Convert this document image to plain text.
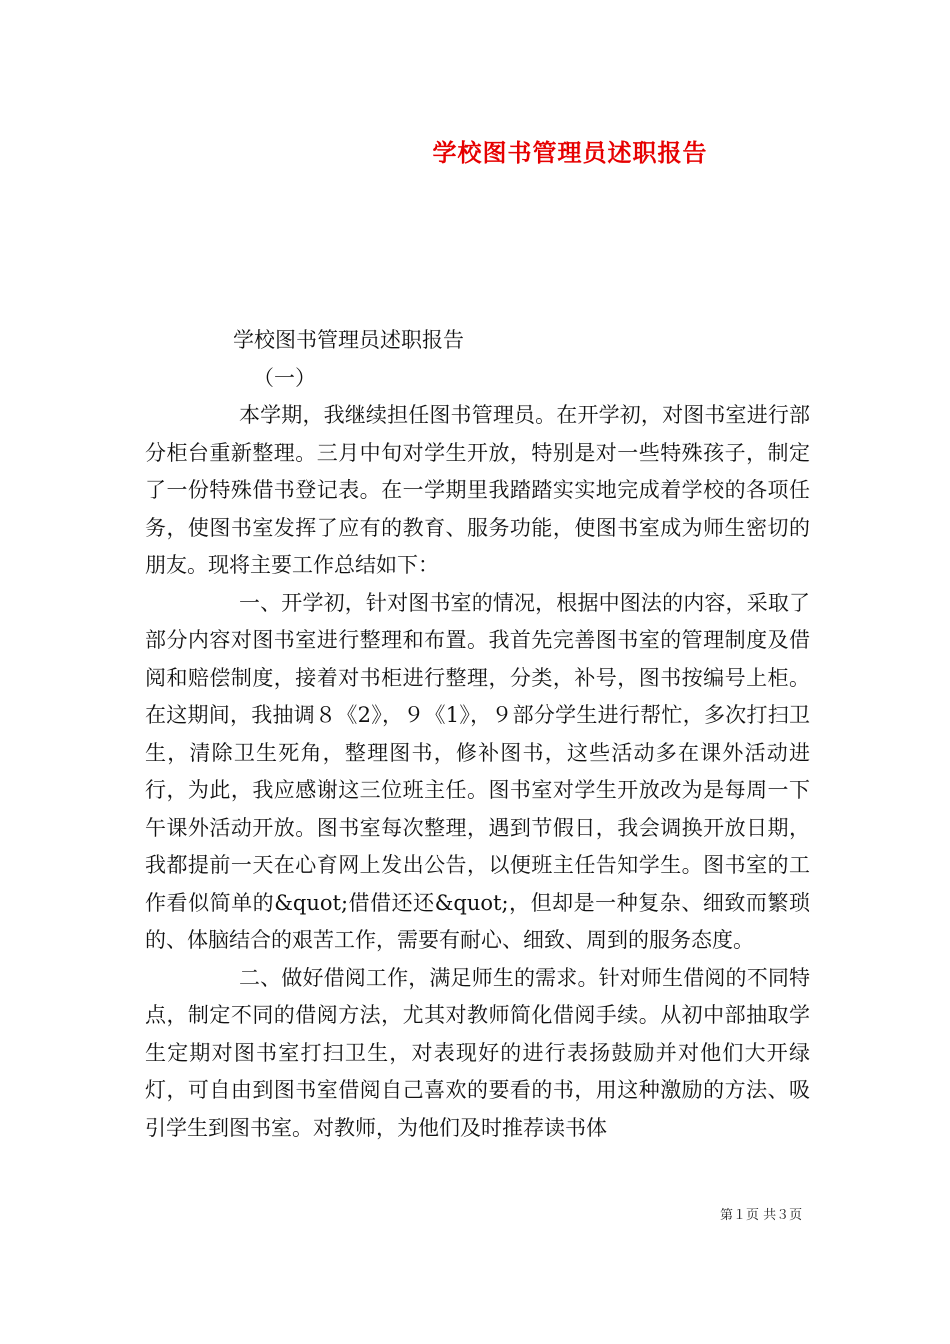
学校图书管理员述职报告

学校图书管理员述职报告

（一）

本学期，我继续担任图书管理员。在开学初，对图书室进行部分柜台重新整理。三月中旬对学生开放，特别是对一些特殊孩子，制定了一份特殊借书登记表。在一学期里我踏踏实实地完成着学校的各项任务，使图书室发挥了应有的教育、服务功能，使图书室成为师生密切的朋友。现将主要工作总结如下：

一、开学初，针对图书室的情况，根据中图法的内容，采取了部分内容对图书室进行整理和布置。我首先完善图书室的管理制度及借阅和赔偿制度，接着对书柜进行整理，分类，补号，图书按编号上柜。在这期间，我抽调８《2》，９《1》，９部分学生进行帮忙，多次打扫卫生，清除卫生死角，整理图书，修补图书，这些活动多在课外活动进行，为此，我应感谢这三位班主任。图书室对学生开放改为是每周一下午课外活动开放。图书室每次整理，遇到节假日，我会调换开放日期，我都提前一天在心育网上发出公告，以便班主任告知学生。图书室的工作看似简单的&quot;借借还还&quot;，但却是一种复杂、细致而繁琐的、体脑结合的艰苦工作，需要有耐心、细致、周到的服务态度。

二、做好借阅工作，满足师生的需求。针对师生借阅的不同特点，制定不同的借阅方法，尤其对教师简化借阅手续。从初中部抽取学生定期对图书室打扫卫生，对表现好的进行表扬鼓励并对他们大开绿灯，可自由到图书室借阅自己喜欢的要看的书，用这种激励的方法、吸引学生到图书室。对教师，为他们及时推荐读书体

第１页 共３页
